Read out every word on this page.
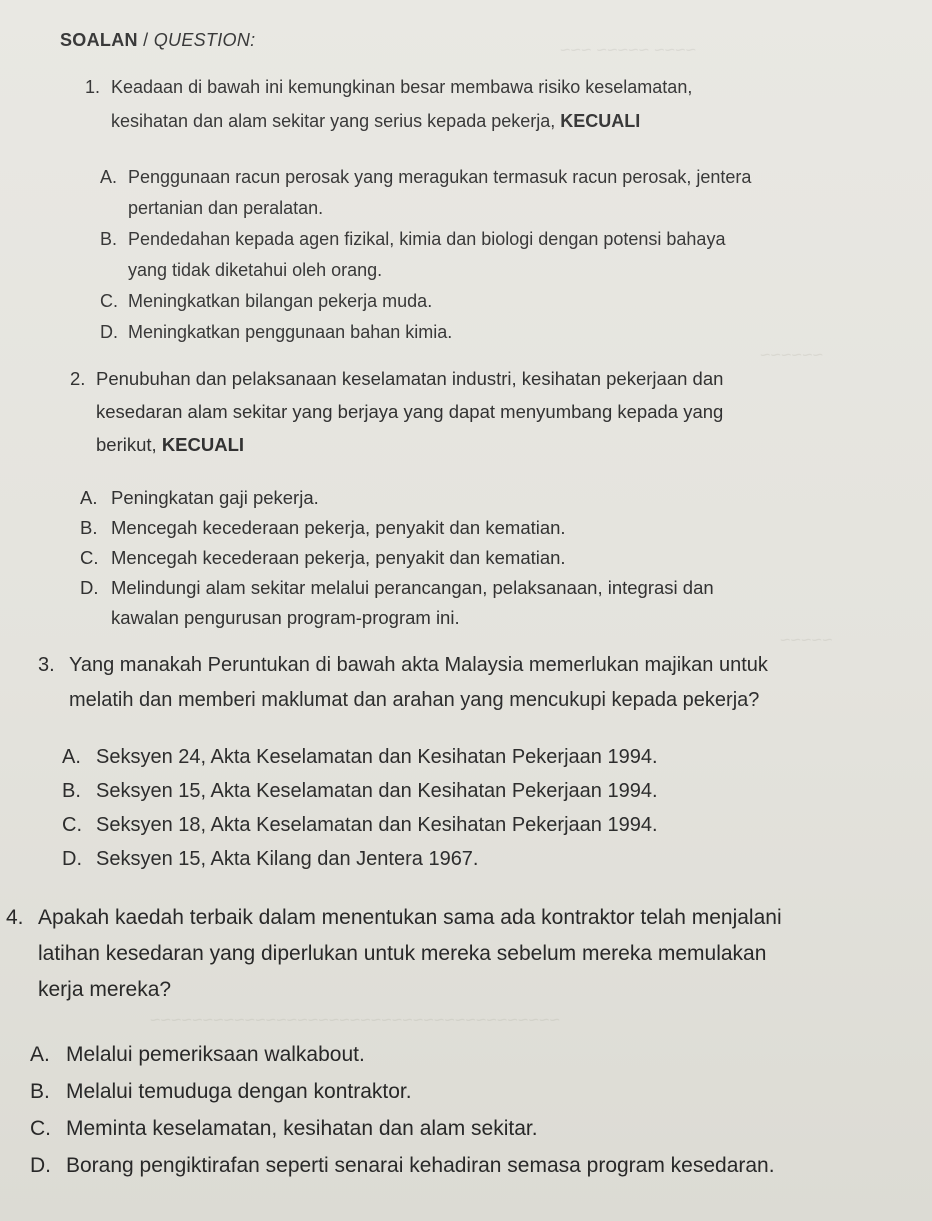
~~~~ ~~~~~ ~~~
~~~~~~
~~~~~
~~~~~~~~~~~~~~~~~~~~~~~~~~~~~~~~~~~~~~~
SOALAN / QUESTION:
1. Keadaan di bawah ini kemungkinan besar membawa risiko keselamatan,
kesihatan dan alam sekitar yang serius kepada pekerja, KECUALI
A. Penggunaan racun perosak yang meragukan termasuk racun perosak, jentera
pertanian dan peralatan.
B. Pendedahan kepada agen fizikal, kimia dan biologi dengan potensi bahaya
yang tidak diketahui oleh orang.
C. Meningkatkan bilangan pekerja muda.
D. Meningkatkan penggunaan bahan kimia.
2. Penubuhan dan pelaksanaan keselamatan industri, kesihatan pekerjaan dan
kesedaran alam sekitar yang berjaya yang dapat menyumbang kepada yang
berikut, KECUALI
A. Peningkatan gaji pekerja.
B. Mencegah kecederaan pekerja, penyakit dan kematian.
C. Mencegah kecederaan pekerja, penyakit dan kematian.
D. Melindungi alam sekitar melalui perancangan, pelaksanaan, integrasi dan
kawalan pengurusan program-program ini.
3. Yang manakah Peruntukan di bawah akta Malaysia memerlukan majikan untuk
melatih dan memberi maklumat dan arahan yang mencukupi kepada pekerja?
A. Seksyen 24, Akta Keselamatan dan Kesihatan Pekerjaan 1994.
B. Seksyen 15, Akta Keselamatan dan Kesihatan Pekerjaan 1994.
C. Seksyen 18, Akta Keselamatan dan Kesihatan Pekerjaan 1994.
D. Seksyen 15, Akta Kilang dan Jentera 1967.
4. Apakah kaedah terbaik dalam menentukan sama ada kontraktor telah menjalani
latihan kesedaran yang diperlukan untuk mereka sebelum mereka memulakan
kerja mereka?
A. Melalui pemeriksaan walkabout.
B. Melalui temuduga dengan kontraktor.
C. Meminta keselamatan, kesihatan dan alam sekitar.
D. Borang pengiktirafan seperti senarai kehadiran semasa program kesedaran.
